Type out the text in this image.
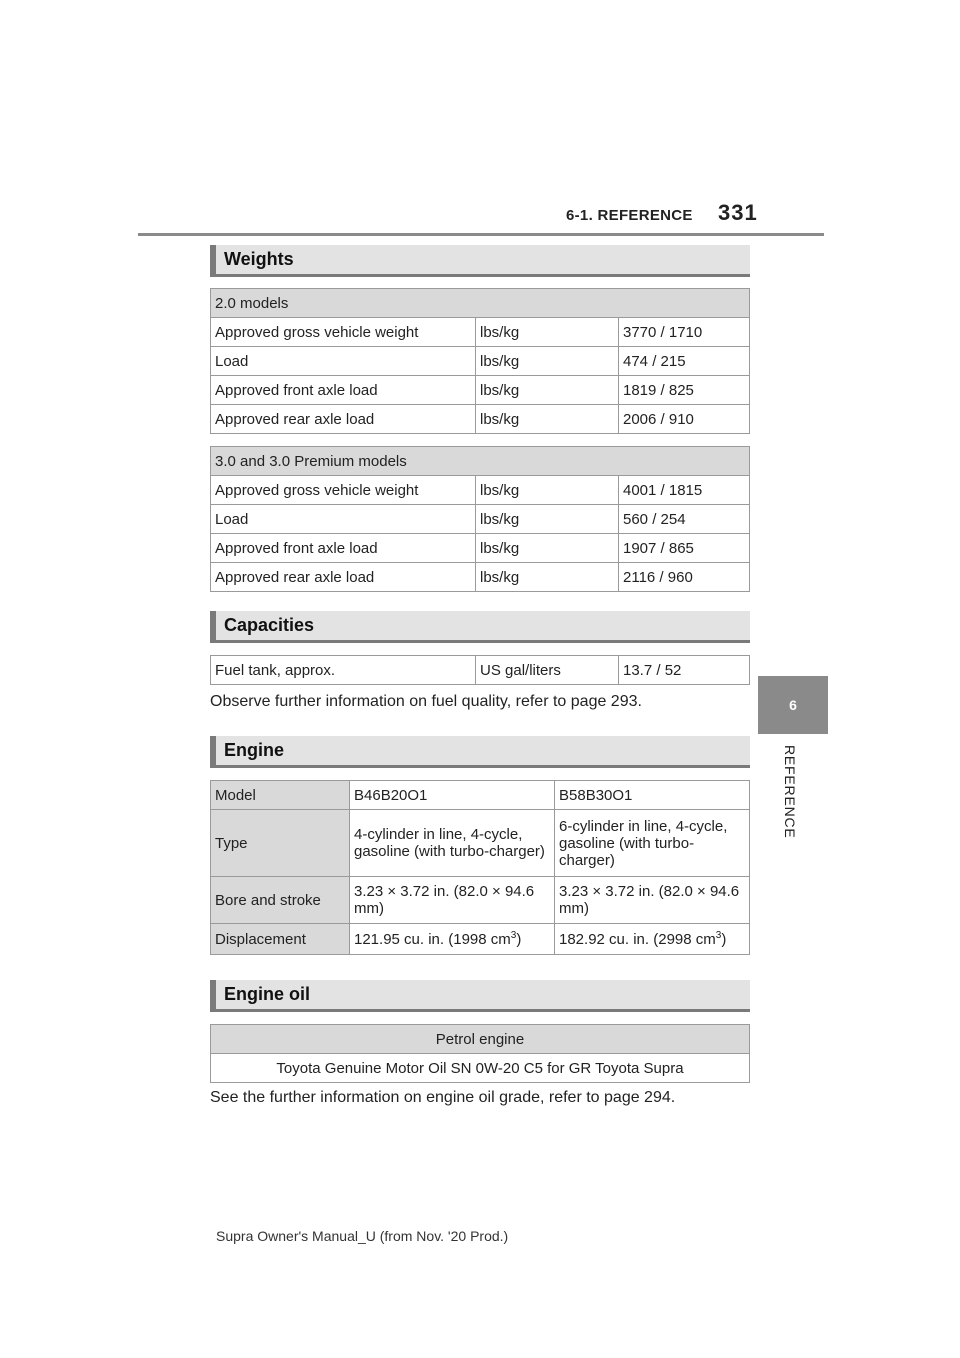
6-1. REFERENCE 331
6
REFERENCE
Weights
2.0 models		
Approved gross vehicle weight	lbs/kg	3770 / 1710
Load	lbs/kg	474 / 215
Approved front axle load	lbs/kg	1819 / 825
Approved rear axle load	lbs/kg	2006 / 910
3.0 and 3.0 Premium models		
Approved gross vehicle weight	lbs/kg	4001 / 1815
Load	lbs/kg	560 / 254
Approved front axle load	lbs/kg	1907 / 865
Approved rear axle load	lbs/kg	2116 / 960
Capacities
Fuel tank, approx.	US gal/liters	13.7 / 52
Observe further information on fuel quality, refer to page 293.
Engine
Model	B46B20O1	B58B30O1
Type	4-cylinder in line, 4-cycle, gasoline (with turbo-charger)	6-cylinder in line, 4-cycle, gasoline (with turbo-charger)
Bore and stroke	3.23 × 3.72 in. (82.0 × 94.6 mm)	3.23 × 3.72 in. (82.0 × 94.6 mm)
Displacement	121.95 cu. in. (1998 $cm^3$)	182.92 cu. in. (2998 $cm^3$)
Engine oil
Petrol engine
Toyota Genuine Motor Oil SN 0W-20 C5 for GR Toyota Supra
See the further information on engine oil grade, refer to page 294.
Supra Owner's Manual_U (from Nov. '20 Prod.)
